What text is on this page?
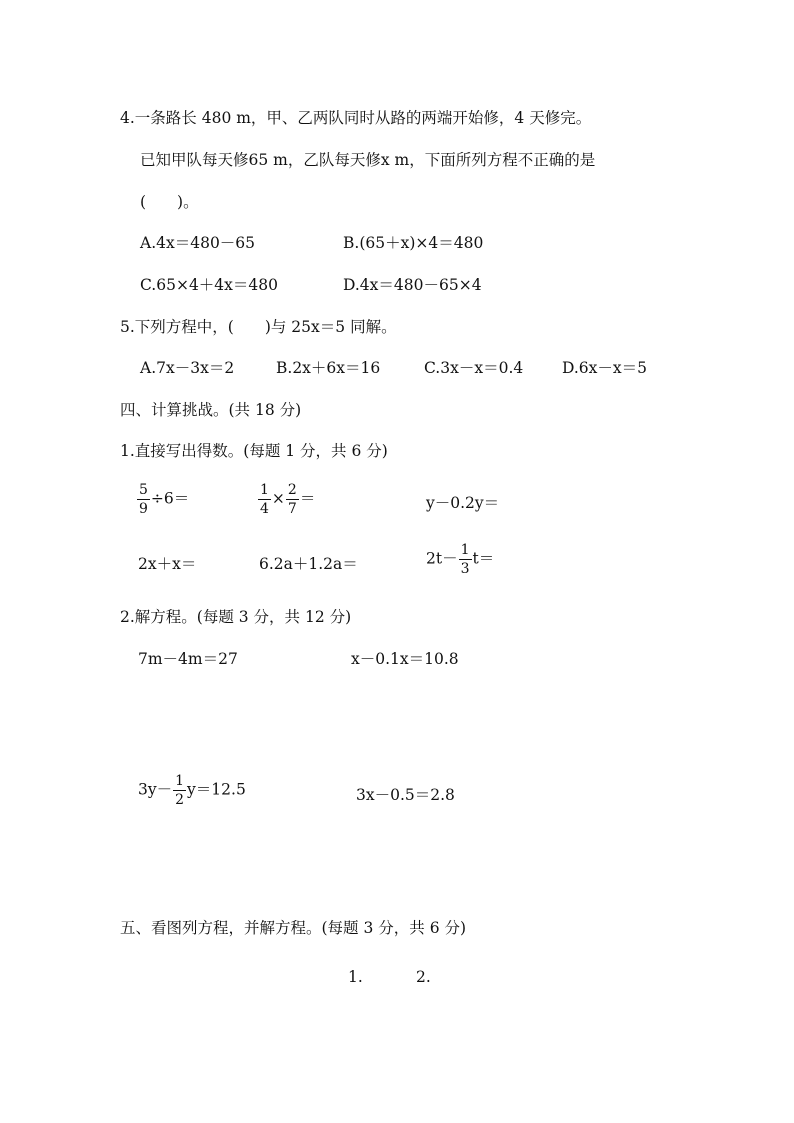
4.一条路长 480 m，甲、乙两队同时从路的两端开始修，4 天修完。
已知甲队每天修65 m，乙队每天修x m，下面所列方程不正确的是
(　　)。
A.4x＝480－65	B.(65＋x)×4＝480
C.65×4＋4x＝480	D.4x＝480－65×4
5.下列方程中，(　　)与 25x＝5 同解。
A.7x－3x＝2	B.2x＋6x＝16	C.3x－x＝0.4	D.6x－x＝5
四、计算挑战。(共 18 分)
1.直接写出得数。(每题 1 分，共 6 分)
$\frac{5}{9} \div 6=$	$\frac{1}{4} \times \frac{2}{7}$ ＝	y－0.2y＝
2x＋x＝	6.2a＋1.2a＝	$2t- \frac{1}{3} t=$
2.解方程。(每题 3 分，共 12 分)
7m－4m＝27	x－0.1x＝10.8
$3y- \frac{1}{2} y=12.5$	3x－0.5＝2.8
五、看图列方程，并解方程。(每题 3 分，共 6 分)
1.	2.
